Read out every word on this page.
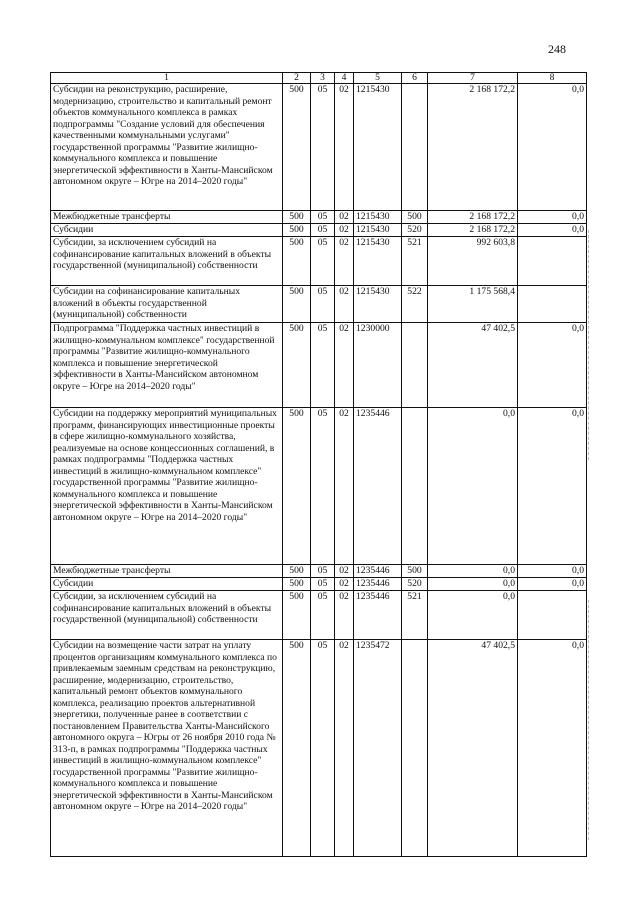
248
1	2	3	4	5	6	7	8
Субсидии на реконструкцию, расширение, модернизацию, строительство и капитальный ремонт объектов коммунального комплекса в рамках подпрограммы "Создание условий для обеспечения качественными коммунальными услугами" государственной программы "Развитие жилищно-коммунального комплекса и повышение энергетической эффективности в Ханты-Мансийском автономном округе – Югре на 2014–2020 годы"	500	05	02	1215430		2 168 172,2	0,0
Межбюджетные трансферты	500	05	02	1215430	500	2 168 172,2	0,0
Субсидии	500	05	02	1215430	520	2 168 172,2	0,0
Субсидии, за исключением субсидий на софинансирование капитальных вложений в объекты государственной (муниципальной) собственности	500	05	02	1215430	521	992 603,8	
Субсидии на софинансирование капитальных вложений в объекты государственной (муниципальной) собственности	500	05	02	1215430	522	1 175 568,4	
Подпрограмма "Поддержка частных инвестиций в жилищно-коммунальном комплексе" государственной программы "Развитие жилищно-коммунального комплекса и повышение энергетической эффективности в Ханты-Мансийском автономном округе – Югре на 2014–2020 годы"	500	05	02	1230000		47 402,5	0,0
Субсидии на поддержку мероприятий муниципальных программ, финансирующих инвестиционные проекты в сфере жилищно-коммунального хозяйства, реализуемые на основе концессионных соглашений, в рамках подпрограммы "Поддержка частных инвестиций в жилищно-коммунальном комплексе" государственной программы "Развитие жилищно-коммунального комплекса и повышение энергетической эффективности в Ханты-Мансийском автономном округе – Югре на 2014–2020 годы"	500	05	02	1235446		0,0	0,0
Межбюджетные трансферты	500	05	02	1235446	500	0,0	0,0
Субсидии	500	05	02	1235446	520	0,0	0,0
Субсидии, за исключением субсидий на софинансирование капитальных вложений в объекты государственной (муниципальной) собственности	500	05	02	1235446	521	0,0	
Субсидии на возмещение части затрат на уплату процентов организациям коммунального комплекса по привлекаемым заемным средствам на реконструкцию, расширение, модернизацию, строительство, капитальный ремонт объектов коммунального комплекса, реализацию проектов альтернативной энергетики, полученные ранее в соответствии с постановлением Правительства Ханты-Мансийского автономного округа – Югры от 26 ноября 2010 года № 313-п, в рамках подпрограммы "Поддержка частных инвестиций в жилищно-коммунальном комплексе" государственной программы "Развитие жилищно-коммунального комплекса и повышение энергетической эффективности в Ханты-Мансийском автономном округе – Югре на 2014–2020 годы"	500	05	02	1235472		47 402,5	0,0
